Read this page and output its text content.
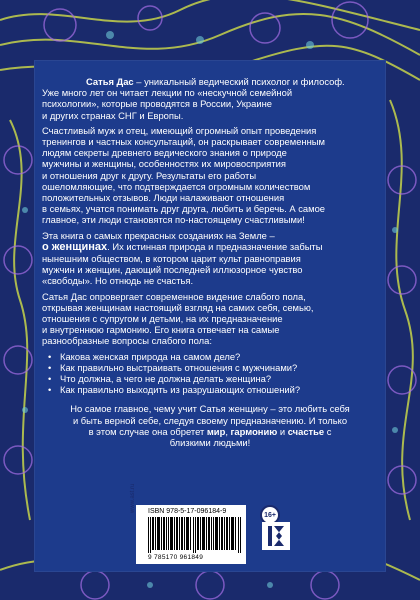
Сатья Дас – уникальный ведический психолог и философ.
Уже много лет он читает лекции по «нескучной семейной
психологии», которые проводятся в России, Украине
и других странах СНГ и Европы.

Счастливый муж и отец, имеющий огромный опыт проведения
тренингов и частных консультаций, он раскрывает современным
людям секреты древнего ведического знания о природе
мужчины и женщины, особенностях их мировосприятия
и отношения друг к другу. Результаты его работы
ошеломляющие, что подтверждается огромным количеством
положительных отзывов. Люди налаживают отношения
в семьях, учатся понимать друг друга, любить и беречь. А самое
главное, эти люди становятся по-настоящему счастливыми!

Эта книга о самых прекрасных созданиях на Земле –
о женщинах. Их истинная природа и предназначение забыты
нынешним обществом, в котором царит культ равноправия
мужчин и женщин, дающий последней иллюзорное чувство
«свободы». Но отнюдь не счастья.

Сатья Дас опровергает современное видение слабого пола,
открывая женщинам настоящий взгляд на самих себя, семью,
отношения с супругом и детьми, на их предназначение
и внутреннюю гармонию. Его книга отвечает на самые
разнообразные вопросы слабого пола:

• Какова женская природа на самом деле?
• Как правильно выстраивать отношения с мужчинами?
• Что должна, а чего не должна делать женщина?
• Как правильно выходить из разрушающих отношений?

Но самое главное, чему учит Сатья женщину – это любить себя
и быть верной себе, следуя своему предназначению. И только
в этом случае она обретет мир, гармонию и счастье с
близкими людьми!

www.ast.ru ISBN 978-5-17-096184-9
9 785170 961849
16+
